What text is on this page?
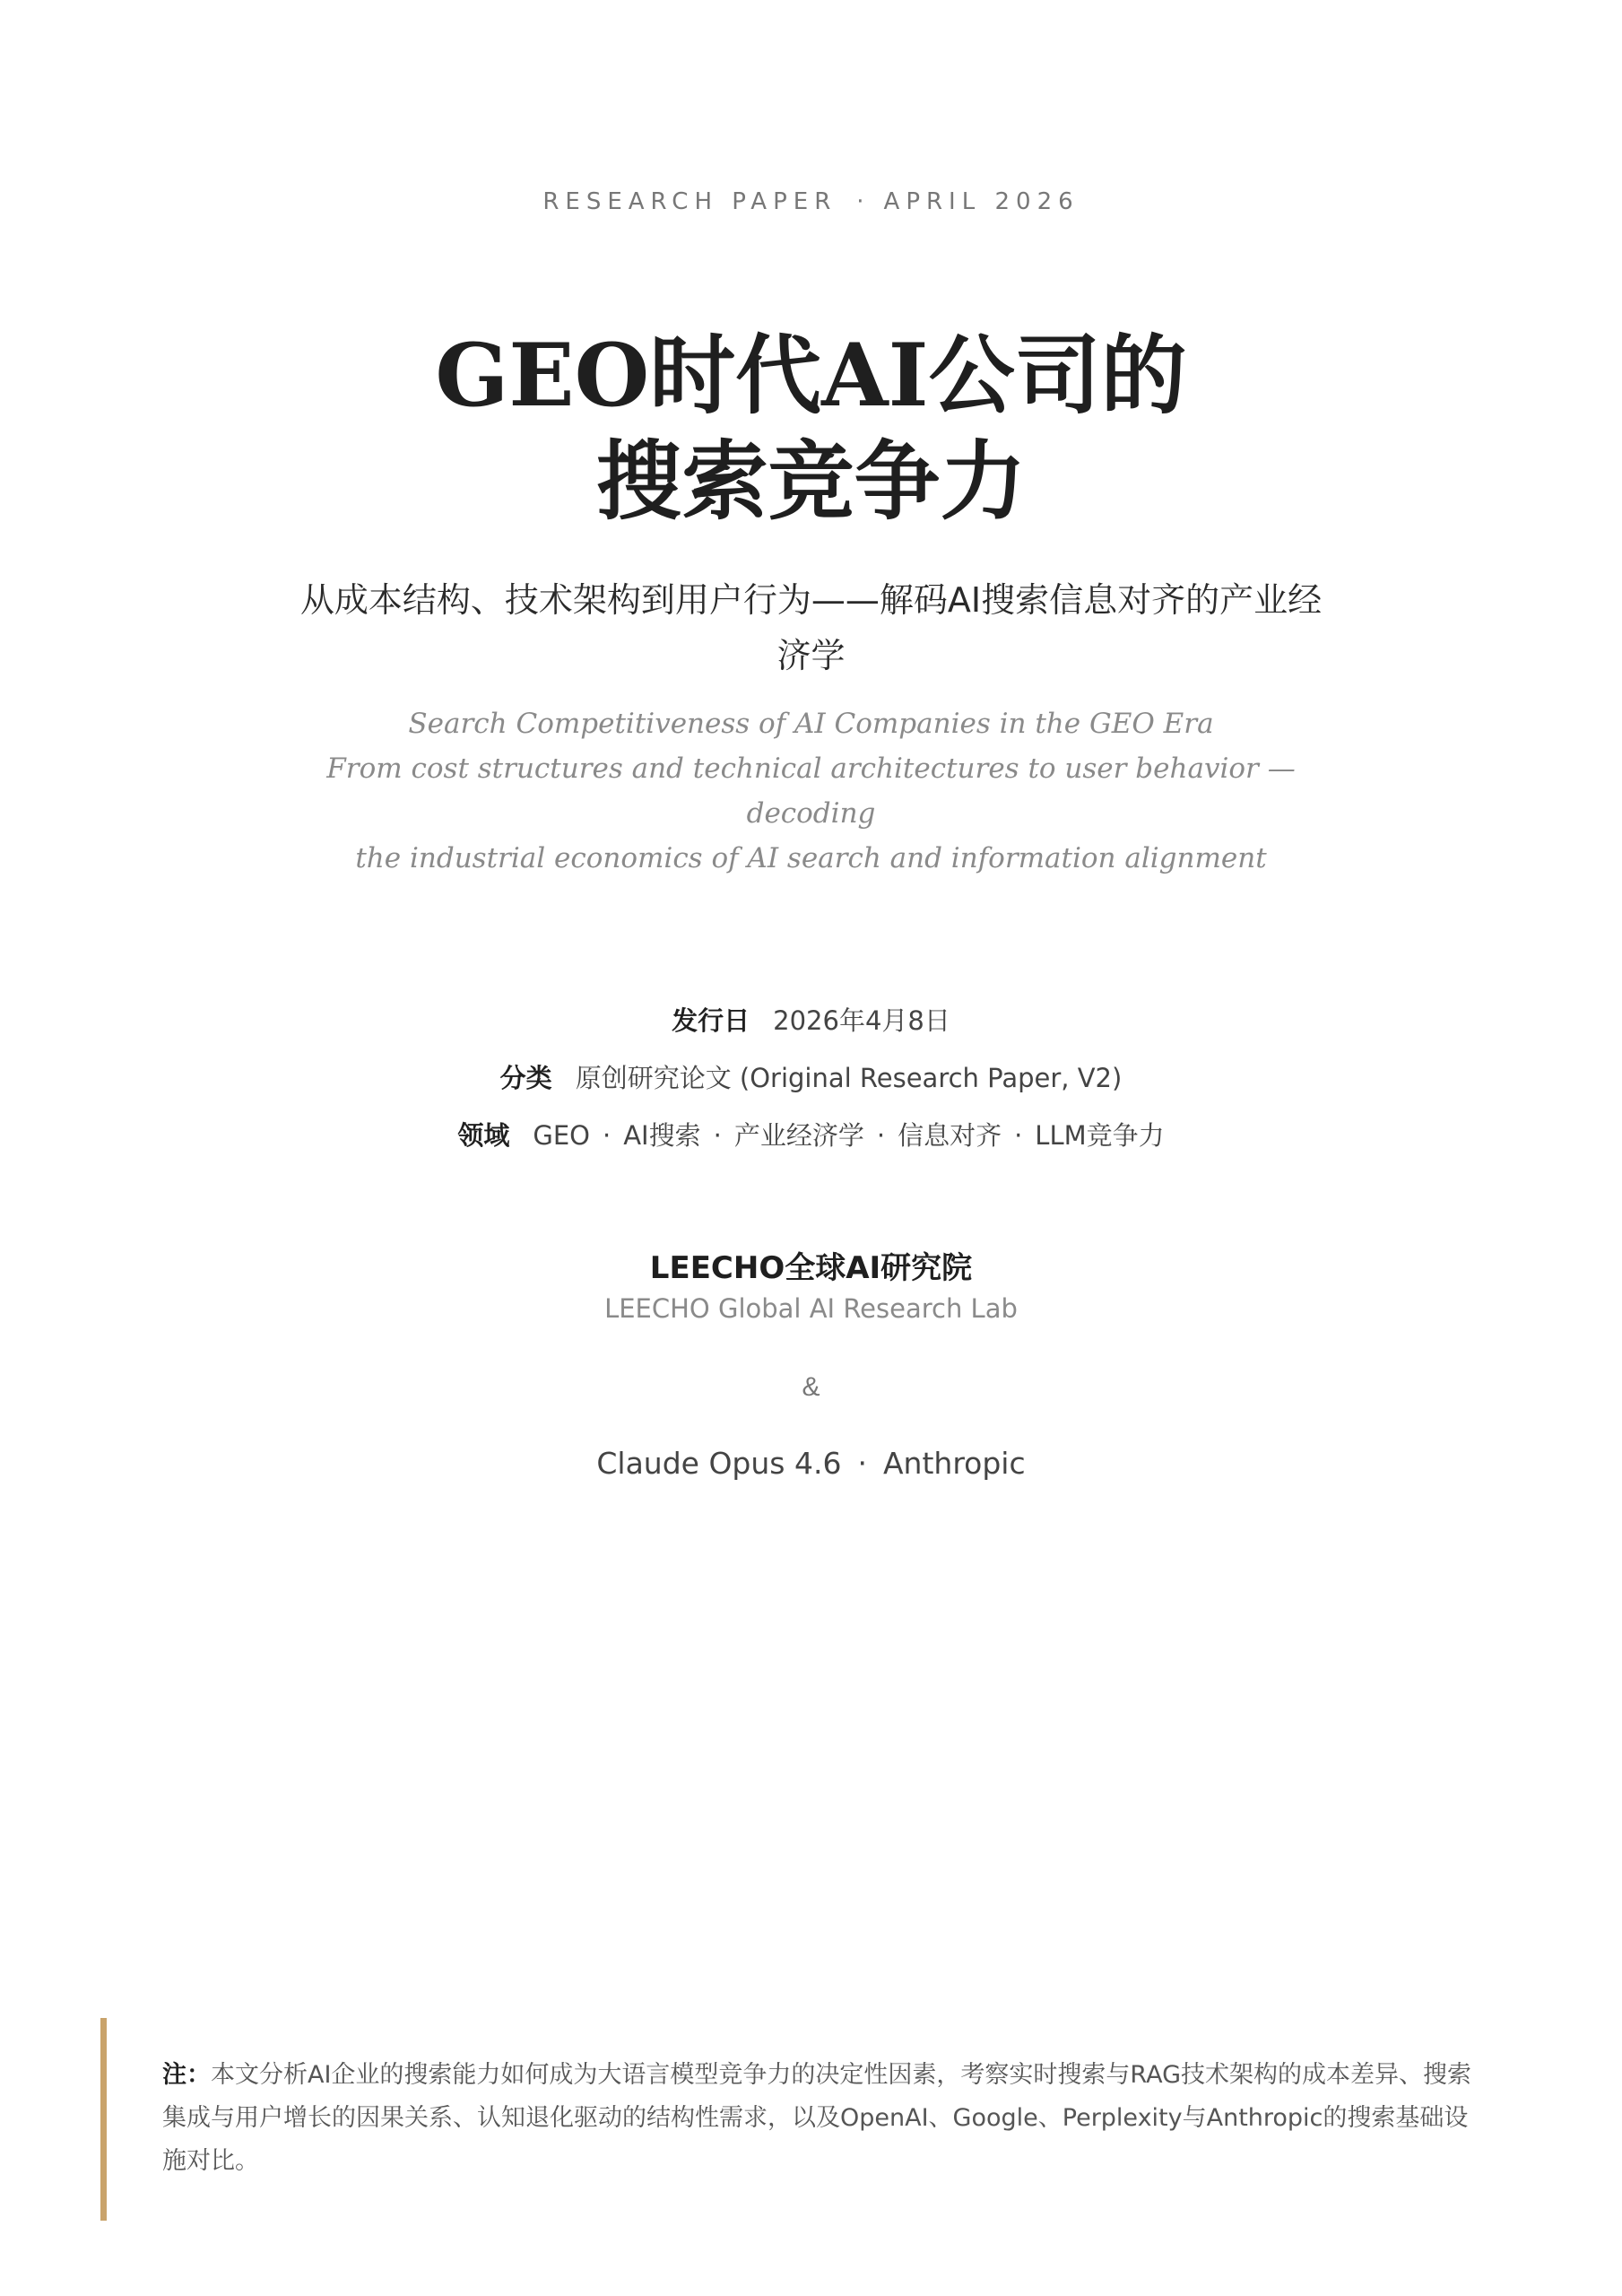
RESEARCH PAPER · APRIL 2026
GEO时代AI公司的
搜索竞争力

从成本结构、技术架构到用户行为——解码AI搜索信息对齐的产业经济学

Search Competitiveness of AI Companies in the GEO Era
From cost structures and technical architectures to user behavior — decoding
the industrial economics of AI search and information alignment

发行日 2026年4月8日
分类 原创研究论文 (Original Research Paper, V2)
领域 GEO · AI搜索 · 产业经济学 · 信息对齐 · LLM竞争力
LEECHO全球AI研究院
LEECHO Global AI Research Lab
&
Claude Opus 4.6 · Anthropic
注：本文分析AI企业的搜索能力如何成为大语言模型竞争力的决定性因素，考察实时搜索与RAG技术架构的成本差异、搜索集成与用户增长的因果关系、认知退化驱动的结构性需求，以及OpenAI、Google、Perplexity与Anthropic的搜索基础设施对比。
